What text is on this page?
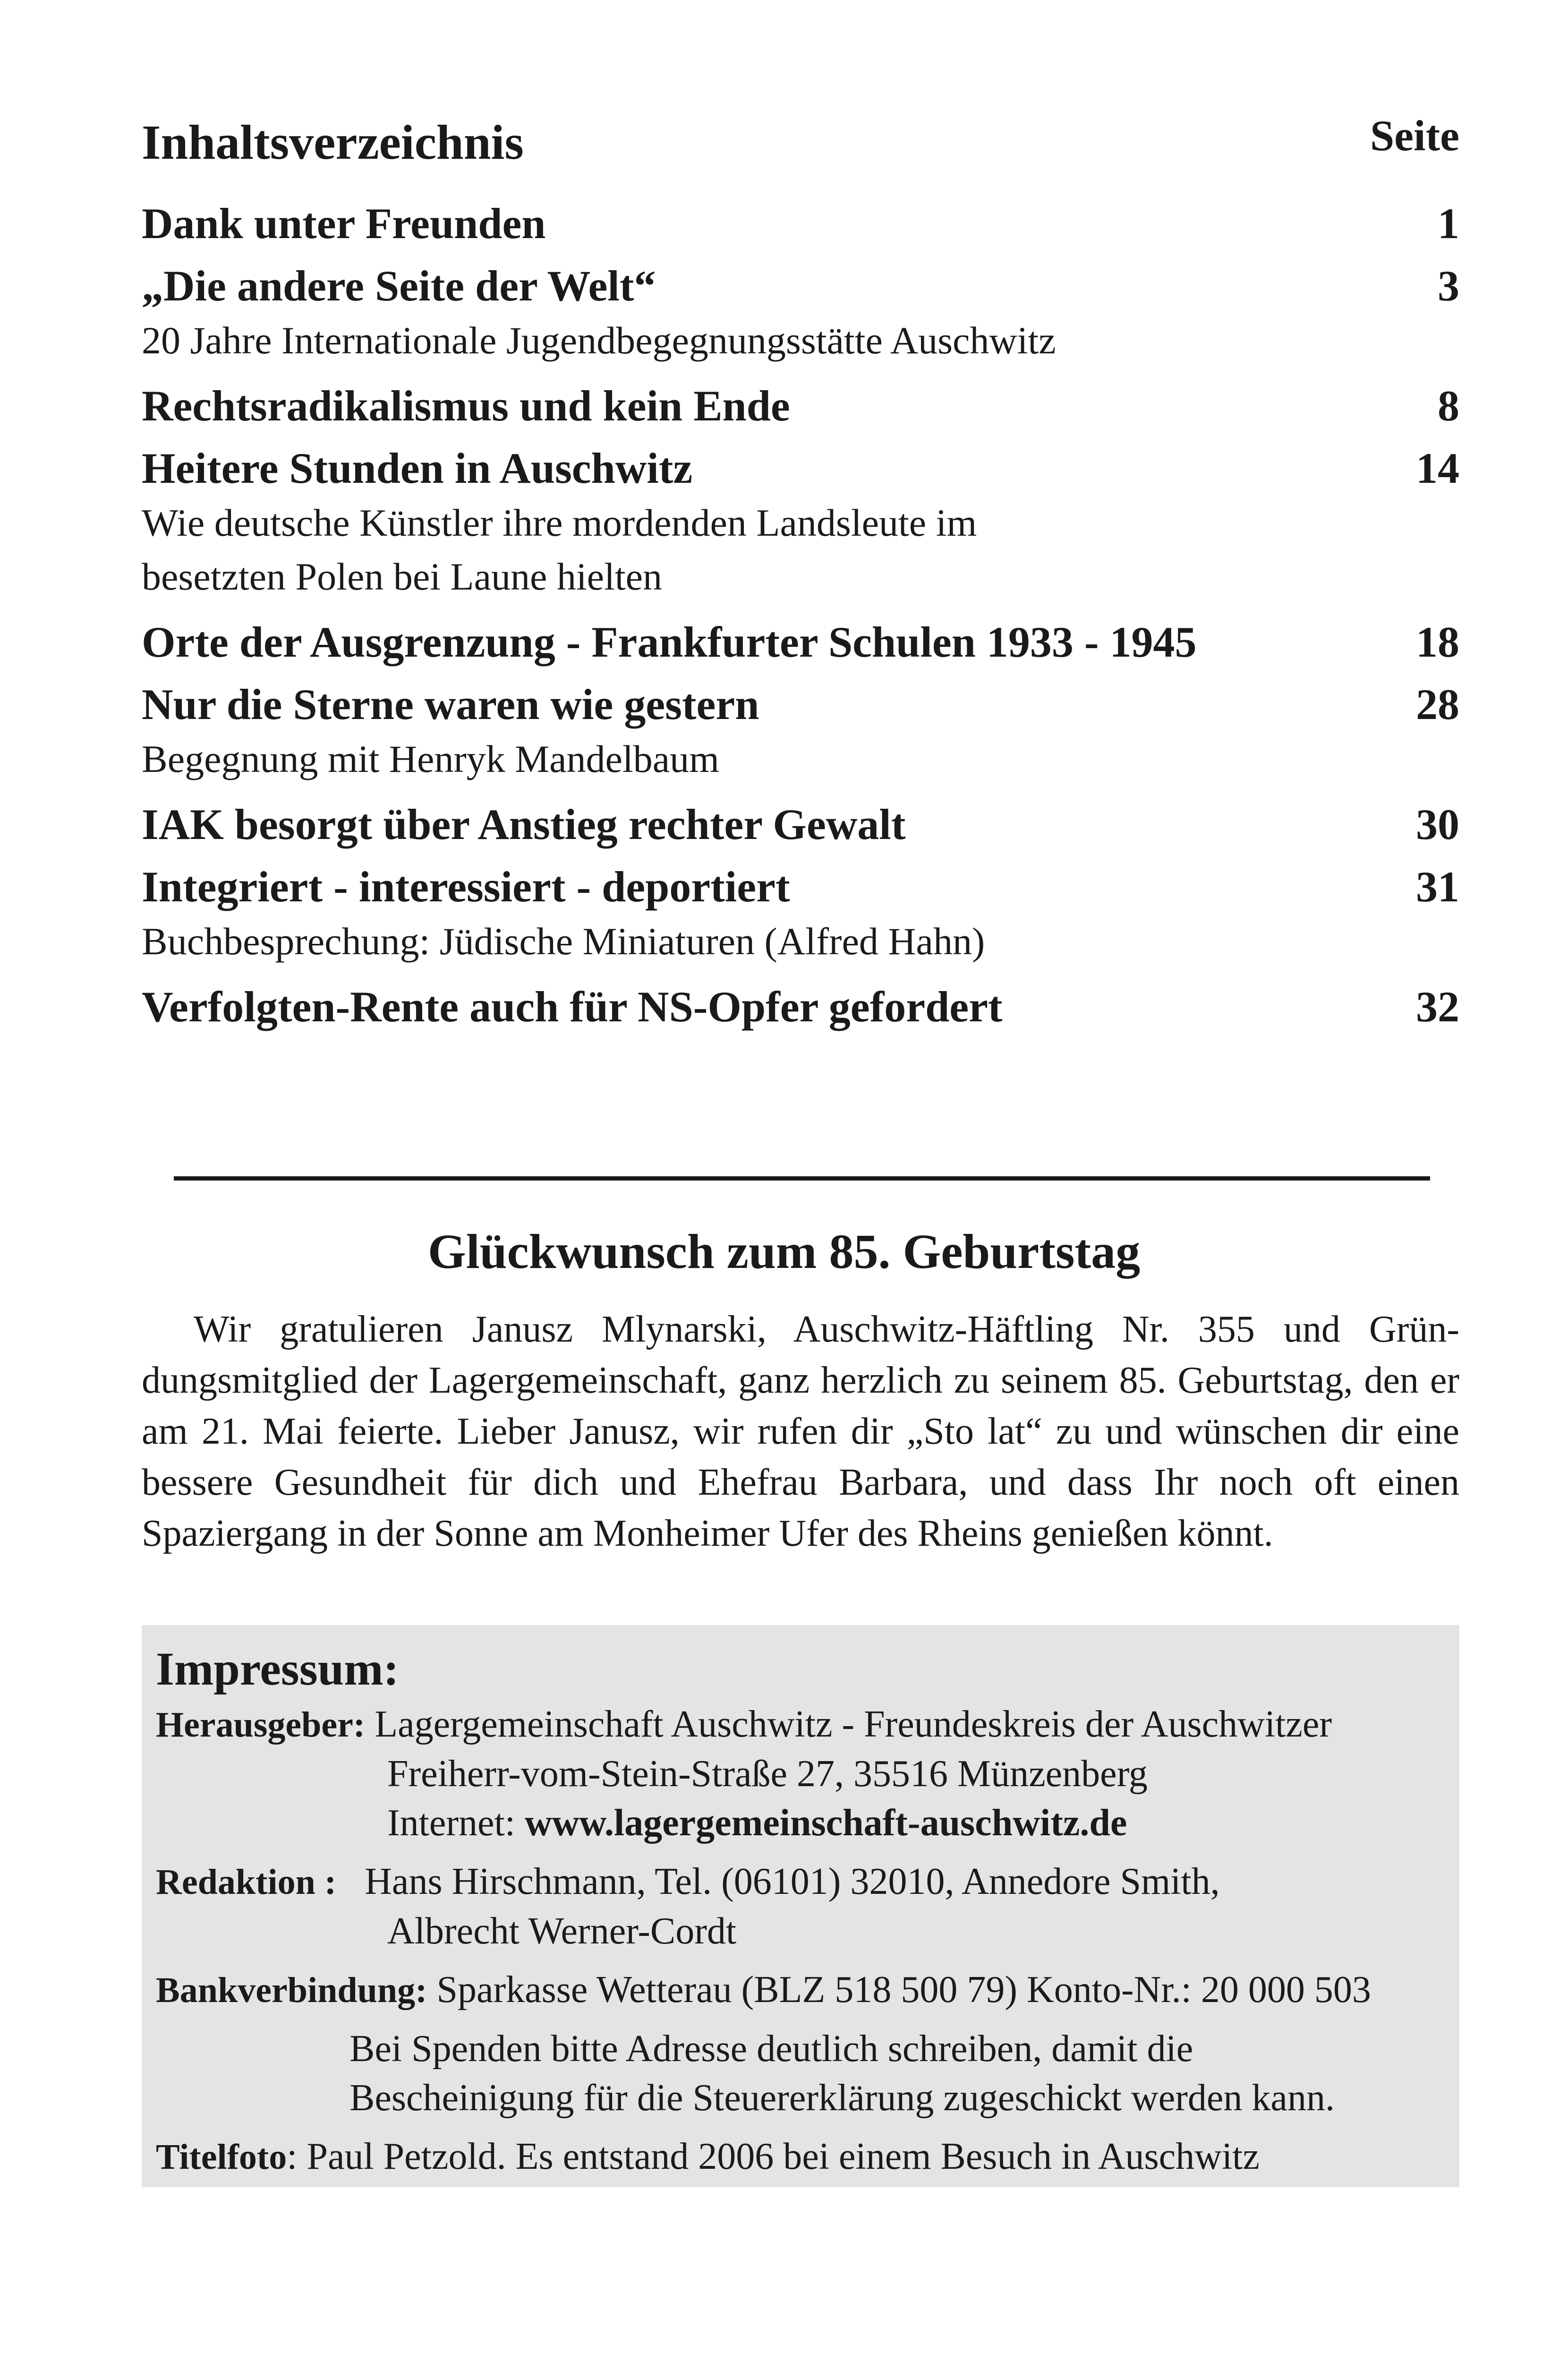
Inhaltsverzeichnis	Seite
Dank unter Freunden	1
„Die andere Seite der Welt“	3
20 Jahre Internationale Jugendbegegnungsstätte Auschwitz
Rechtsradikalismus und kein Ende	8
Heitere Stunden in Auschwitz	14
Wie deutsche Künstler ihre mordenden Landsleute im
besetzten Polen bei Laune hielten
Orte der Ausgrenzung - Frankfurter Schulen 1933 - 1945	18
Nur die Sterne waren wie gestern	28
Begegnung mit Henryk Mandelbaum
IAK besorgt über Anstieg rechter Gewalt	30
Integriert - interessiert - deportiert	31
Buchbesprechung: Jüdische Miniaturen (Alfred Hahn)
Verfolgten-Rente auch für NS-Opfer gefordert	32
Glückwunsch zum 85. Geburtstag
Wir gratulieren Janusz Mlynarski, Auschwitz-Häftling Nr. 355 und Gründungsmitglied der Lagergemeinschaft, ganz herzlich zu seinem 85. Geburtstag, den er am 21. Mai feierte. Lieber Janusz, wir rufen dir „Sto lat“ zu und wünschen dir eine bessere Gesundheit für dich und Ehefrau Barbara, und dass Ihr noch oft einen Spaziergang in der Sonne am Monheimer Ufer des Rheins genießen könnt.
Impressum:
Herausgeber: Lagergemeinschaft Auschwitz - Freundeskreis der Auschwitzer
Freiherr-vom-Stein-Straße 27, 35516 Münzenberg
Internet: www.lagergemeinschaft-auschwitz.de
Redaktion : Hans Hirschmann, Tel. (06101) 32010, Annedore Smith,
Albrecht Werner-Cordt
Bankverbindung: Sparkasse Wetterau (BLZ 518 500 79) Konto-Nr.: 20 000 503
Bei Spenden bitte Adresse deutlich schreiben, damit die
Bescheinigung für die Steuererklärung zugeschickt werden kann.
Titelfoto: Paul Petzold. Es entstand 2006 bei einem Besuch in Auschwitz
